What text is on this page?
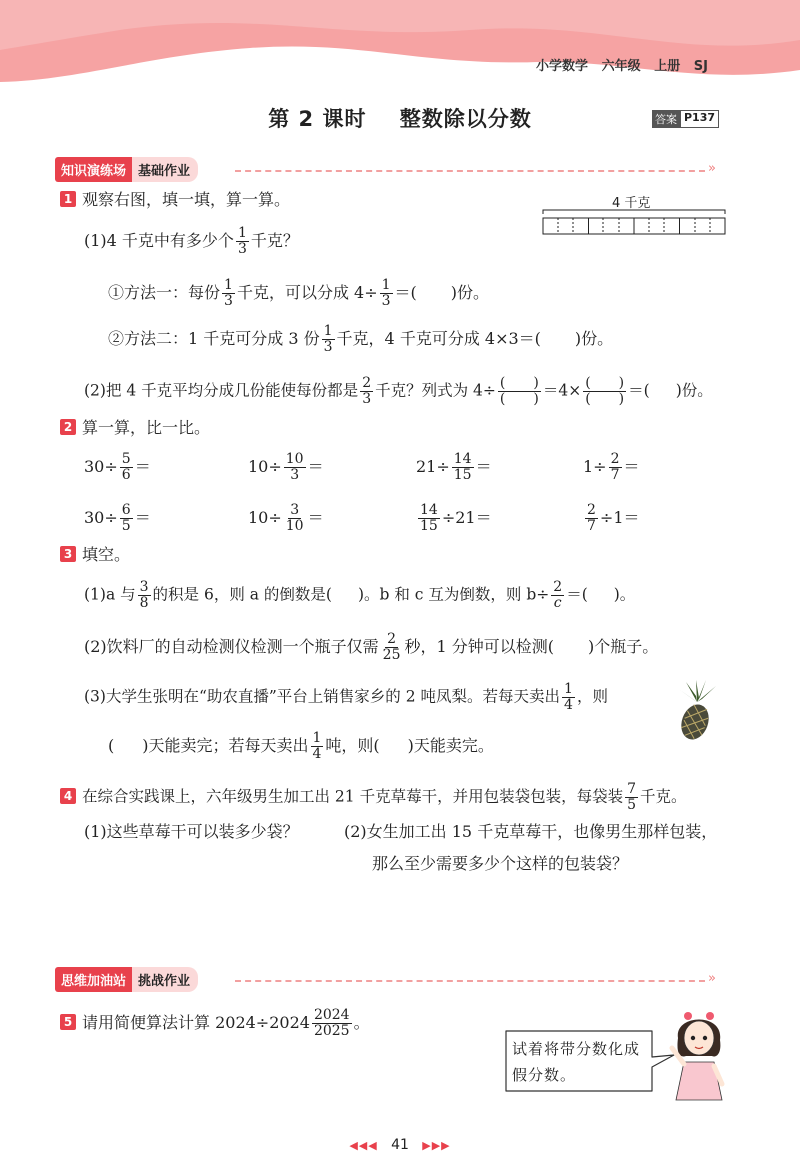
小学数学 六年级 上册 SJ
第 2 课时 整数除以分数	答案 P137
知识演练场 基础作业	»
1 观察右图，填一填，算一算。	4 千克
(1)4 千克中有多少个 $\frac{1}{3}$ 千克？
①方法一：每份 $\frac{1}{3}$ 千克，可以分成 $4\div \frac{1}{3}$ ＝( )份。
②方法二：1 千克可分成 3 份 $\frac{1}{3}$ 千克，4 千克可分成 4×3＝( )份。
(2)把 4 千克平均分成几份能使每份都是 $\frac{2}{3}$ 千克？列式为 $4\div \frac{( )}{( )} =4\times \frac{( )}{( )}$ ＝( )份。
2 算一算，比一比。
$30\div \frac{5}{6}$ ＝	$10\div \frac{10}{3}$ ＝	$21\div \frac{14}{15}$ ＝	$1\div \frac{2}{7}$ ＝
$30\div \frac{6}{5}$ ＝	$10\div \frac{3}{10}$ ＝	$\frac{14}{15} \div 21=$	$\frac{2}{7} \div 1=$
3 填空。
(1)a 与 $\frac{3}{8}$ 的积是 6，则 a 的倒数是( )。b 和 c 互为倒数，则 $b\div \frac{2}{c}$ ＝( )。
(2)饮料厂的自动检测仪检测一个瓶子仅需 $\frac{2}{25}$ 秒，1 分钟可以检测( )个瓶子。
(3)大学生张明在“助农直播”平台上销售家乡的 2 吨凤梨。若每天卖出 $\frac{1}{4}$ ，则
( )天能卖完；若每天卖出 $\frac{1}{4}$ 吨，则( )天能卖完。
4 在综合实践课上，六年级男生加工出 21 千克草莓干，并用包装袋包装，每袋装 $\frac{7}{5}$ 千克。
(1)这些草莓干可以装多少袋？	(2)女生加工出 15 千克草莓干，也像男生那样包装，
那么至少需要多少个这样的包装袋？
思维加油站 挑战作业	»
5 请用简便算法计算 $2024\div 2024 \frac{2024}{2025}$ 。
试着将带分数化成
假分数。
◀◀◀ 41 ▶▶▶
